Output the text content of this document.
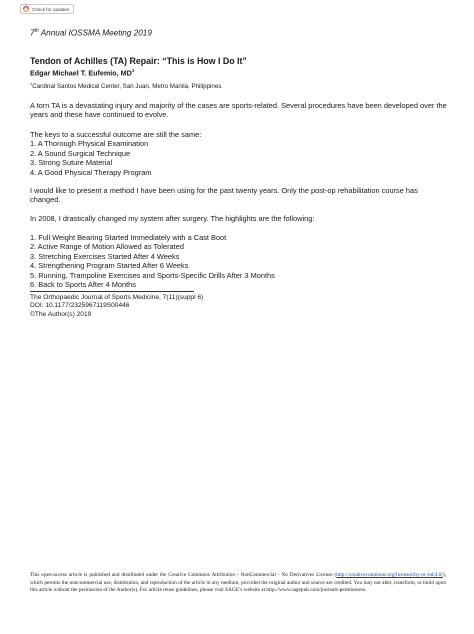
Check for updates
7th Annual IOSSMA Meeting 2019
Tendon of Achilles (TA) Repair: “This is How I Do It”
Edgar Michael T. Eufemio, $MD^1$
$^1$Cardinal Santos Medical Center, San Juan, Metro Manila, Philippines

A torn TA is a devastating injury and majority of the cases are sports-related. Several procedures have been developed over the years and these have continued to evolve.

The keys to a successful outcome are still the same:

1. A Thorough Physical Examination
2. A Sound Surgical Technique
3. Strong Suture Material
4. A Good Physical Therapy Program

I would like to present a method I have been using for the past twenty years. Only the post-op rehabilitation course has changed.

In 2008, I drastically changed my system after surgery. The highlights are the following:

1. Full Weight Bearing Started Immediately with a Cast Boot
2. Active Range of Motion Allowed as Tolerated
3. Stretching Exercises Started After 4 Weeks
4. Strengthening Program Started After 6 Weeks
5. Running, Trampoline Exercises and Sports-Specific Drills After 3 Months
6. Back to Sports After 4 Months
The Orthopaedic Journal of Sports Medicine, 7(11)(suppl 6)
DOI: 10.1177/2325967119S00446
©The Author(s) 2019
This open-access article is published and distributed under the Creative Commons Attribution - NonCommercial - No Derivatives License (http://creativecommons.org/licenses/by-nc-nd/4.0/), which permits the noncommercial use, distribution, and reproduction of the article in any medium, provided the original author and source are credited. You may not alter, transform, or build upon this article without the permission of the Author(s). For article reuse guidelines, please visit SAGE’s website at http://www.sagepub.com/journals-permissions.
